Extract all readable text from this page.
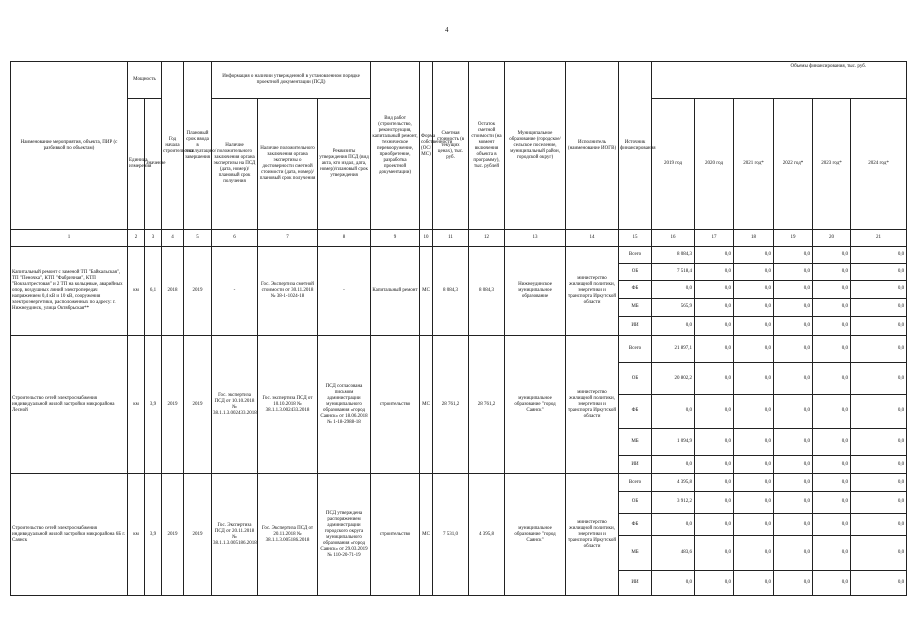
4
Наименование мероприятия, объекта, ПИР (с разбивкой по объектам)	Мощность		Год начала строительства	Плановый срок ввода в эксплуатацию/завершения	Информация о наличии утвержденной в установленном порядке проектной документации (ПСД)			Вид работ (строительство, реконструкция, капитальный ремонт, техническое перевооружение, приобретение, разработка проектной документации)	Форма собственности (ОС/МС)	Сметная стоимость (в текущих ценах), тыс. руб.	Остаток сметной стоимости (на момент включения объекта в программу), тыс. рублей	Муниципальное образование (городское/сельское поселение, муниципальный район, городской округ)	Исполнитель (наименование ИОГВ)	Источник финансирования	Объемы финансирования, тыс. руб.					
	Единица измерения	Значение			Наличие положительного заключения органа экспертизы на ПСД (дата, номер)/плановый срок получения	Наличие положительного заключения органа экспертизы о достоверности сметной стоимости (дата, номер)/плановый срок получения	Реквизиты утверждения ПСД (вид акта, кто издал, дата, номер)/плановый срок утверждения								2019 год	2020 год	2021 год*	2022 год*	2023 год*	2024 год*
1	2	3	4	5	6	7	8	9	10	11	12	13	14	15	16	17	18	19	20	21
Капитальный ремонт с заменой ТП "Байкальская", ТП "Пеночка", КТП "Фабричная", КТП "Вокзалтрестовая" и 2 ТП на кольцевые, аварийных опор, воздушных линий электропередач напряжением 0,4 кВ и 10 кВ, сооружения электроэнергетики, расположенных по адресу: г. Нижнеудинск, улица Октябрьская**	км	6,1	2018	2019	-	Гос. Экспертиза сметной стоимости от 30.11.2018 № 38-1-1024-18	-	Капитальный ремонт	МС	8 084,3	8 084,3	Нижнеудинское муниципальное образование	министерство жилищной политики, энергетики и транспорта Иркутской области	Всего	8 084,3	0,0	0,0	0,0	0,0	0,0
														ОБ	7 518,4	0,0	0,0	0,0	0,0	0,0
														ФБ	0,0	0,0	0,0	0,0	0,0	0,0
														МБ	565,9	0,0	0,0	0,0	0,0	0,0
														ИИ	0,0	0,0	0,0	0,0	0,0	0,0
Строительство сетей электроснабжения индивидуальной жилой застройки микрорайона Лесной	км	3,9	2019	2019	Гос. экспертиза ПСД от 10.10.2018 № 38.1.1.3.002433.2018	Гос. экспертиза ПСД от 10.10.2018 № 38.1.1.3.002433.2018	ПСД согласована письмом администрации муниципального образования «город Саянск» от 18.06.2018 № 1-18-2988-18	строительство	МС	28 761,2	28 761,2	муниципальное образование "город Саянск"	министерство жилищной политики, энергетики и транспорта Иркутской области	Всего	21 897,1	0,0	0,0	0,0	0,0	0,0
														ОБ	20 802,2	0,0	0,0	0,0	0,0	0,0
														ФБ	0,0	0,0	0,0	0,0	0,0	0,0
														МБ	1 094,9	0,0	0,0	0,0	0,0	0,0
														ИИ	0,0	0,0	0,0	0,0	0,0	0,0
Строительство сетей электроснабжения индивидуальной жилой застройки микрорайона 6Б г. Саянск	км	3,9	2019	2019	Гос. Экспертиза ПСД от 20.11.2018 № 38.1.1.3.005186.2018	Гос. Экспертиза ПСД от 20.11.2018 № 38.1.1.3.005186.2018	ПСД утверждена распоряжением администрации городского округа муниципального образования «город Саянск» от 29.03.2019 № 110-20-71-19	строительство	МС	7 531,0	4 395,8	муниципальное образование "город Саянск"	министерство жилищной политики, энергетики и транспорта Иркутской области	Всего	4 395,8	0,0	0,0	0,0	0,0	0,0
														ОБ	3 912,2	0,0	0,0	0,0	0,0	0,0
														ФБ	0,0	0,0	0,0	0,0	0,0	0,0
														МБ	483,6	0,0	0,0	0,0	0,0	0,0
														ИИ	0,0	0,0	0,0	0,0	0,0	0,0
